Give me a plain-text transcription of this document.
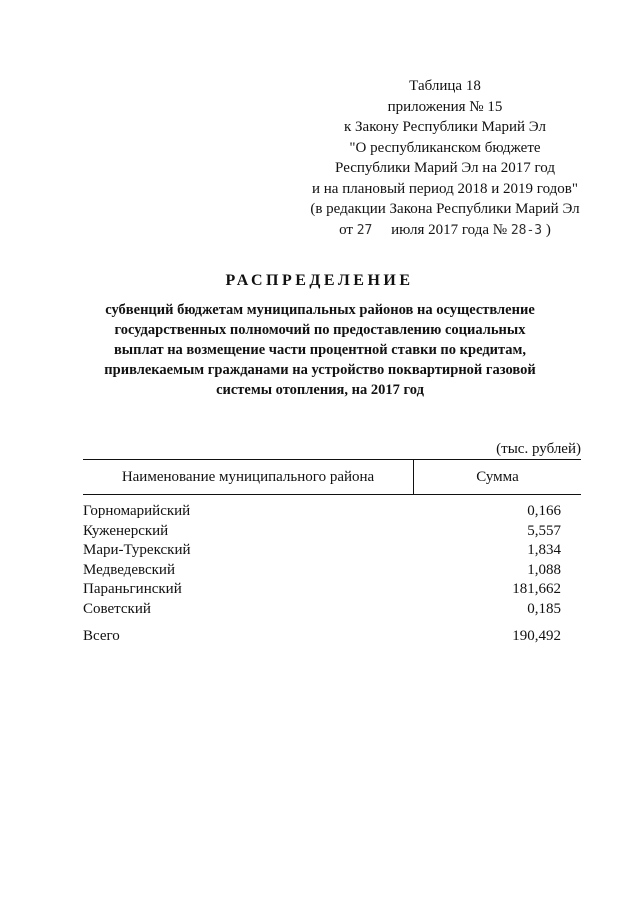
Таблица 18
приложения № 15
к Закону Республики Марий Эл
"О республиканском бюджете
Республики Марий Эл на 2017 год
и на плановый период 2018 и 2019 годов"
(в редакции Закона Республики Марий Эл
от 27 июля 2017 года № 28-З )
РАСПРЕДЕЛЕНИЕ
субвенций бюджетам муниципальных районов на осуществление
государственных полномочий по предоставлению социальных
выплат на возмещение части процентной ставки по кредитам,
привлекаемым гражданами на устройство поквартирной газовой
системы отопления, на 2017 год
(тыс. рублей)
Наименование муниципального района	Сумма
Горномарийский	0,166
Куженерский	5,557
Мари-Турекский	1,834
Медведевский	1,088
Параньгинский	181,662
Советский	0,185
Всего	190,492
